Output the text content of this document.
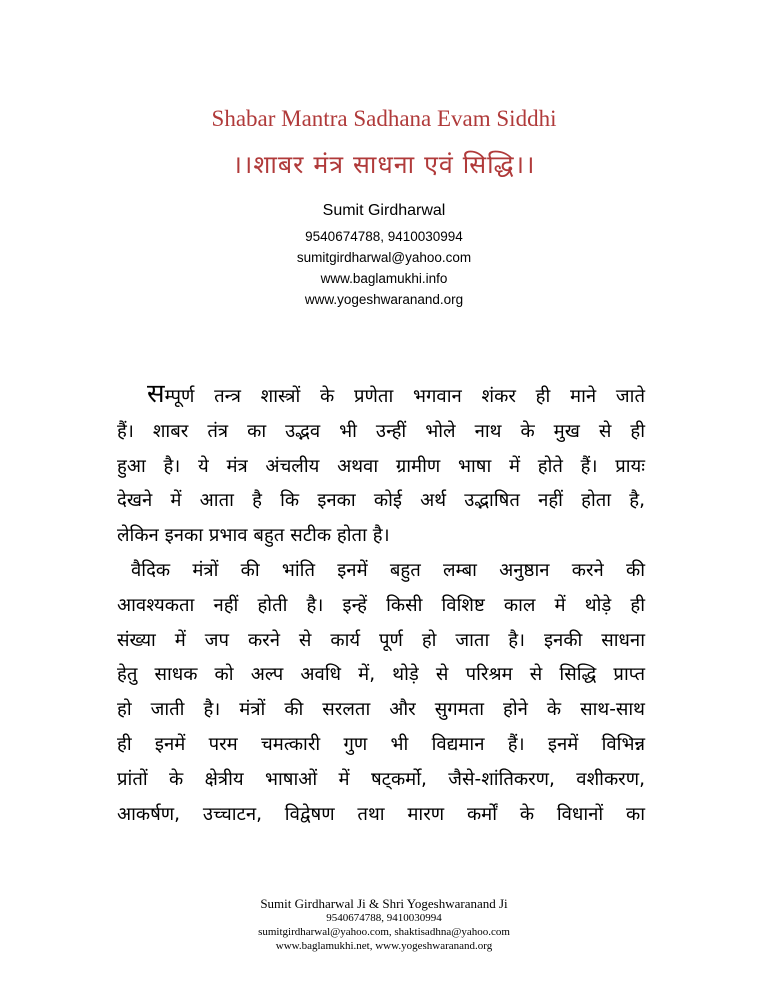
Shabar Mantra Sadhana Evam Siddhi
।।शाबर मंत्र साधना एवं सिद्धि।।
Sumit Girdharwal
9540674788, 9410030994
sumitgirdharwal@yahoo.com
www.baglamukhi.info
www.yogeshwaranand.org
सम्पूर्ण तन्त्र शास्त्रों के प्रणेता भगवान शंकर ही माने जाते
हैं। शाबर तंत्र का उद्भव भी उन्हीं भोले नाथ के मुख से ही
हुआ है। ये मंत्र अंचलीय अथवा ग्रामीण भाषा में होते हैं। प्रायः
देखने में आता है कि इनका कोई अर्थ उद्भाषित नहीं होता है,
लेकिन इनका प्रभाव बहुत सटीक होता है।
वैदिक मंत्रों की भांति इनमें बहुत लम्बा अनुष्ठान करने की
आवश्यकता नहीं होती है। इन्हें किसी विशिष्ट काल में थोड़े ही
संख्या में जप करने से कार्य पूर्ण हो जाता है। इनकी साधना
हेतु साधक को अल्प अवधि में, थोड़े से परिश्रम से सिद्धि प्राप्त
हो जाती है। मंत्रों की सरलता और सुगमता होने के साथ-साथ
ही इनमें परम चमत्कारी गुण भी विद्यमान हैं। इनमें विभिन्न
प्रांतों के क्षेत्रीय भाषाओं में षट्कर्मो, जैसे-शांतिकरण, वशीकरण,
आकर्षण, उच्चाटन, विद्वेषण तथा मारण कर्मों के विधानों का
Sumit Girdharwal Ji & Shri Yogeshwaranand Ji
9540674788, 9410030994
sumitgirdharwal@yahoo.com, shaktisadhna@yahoo.com
www.baglamukhi.net, www.yogeshwaranand.org
